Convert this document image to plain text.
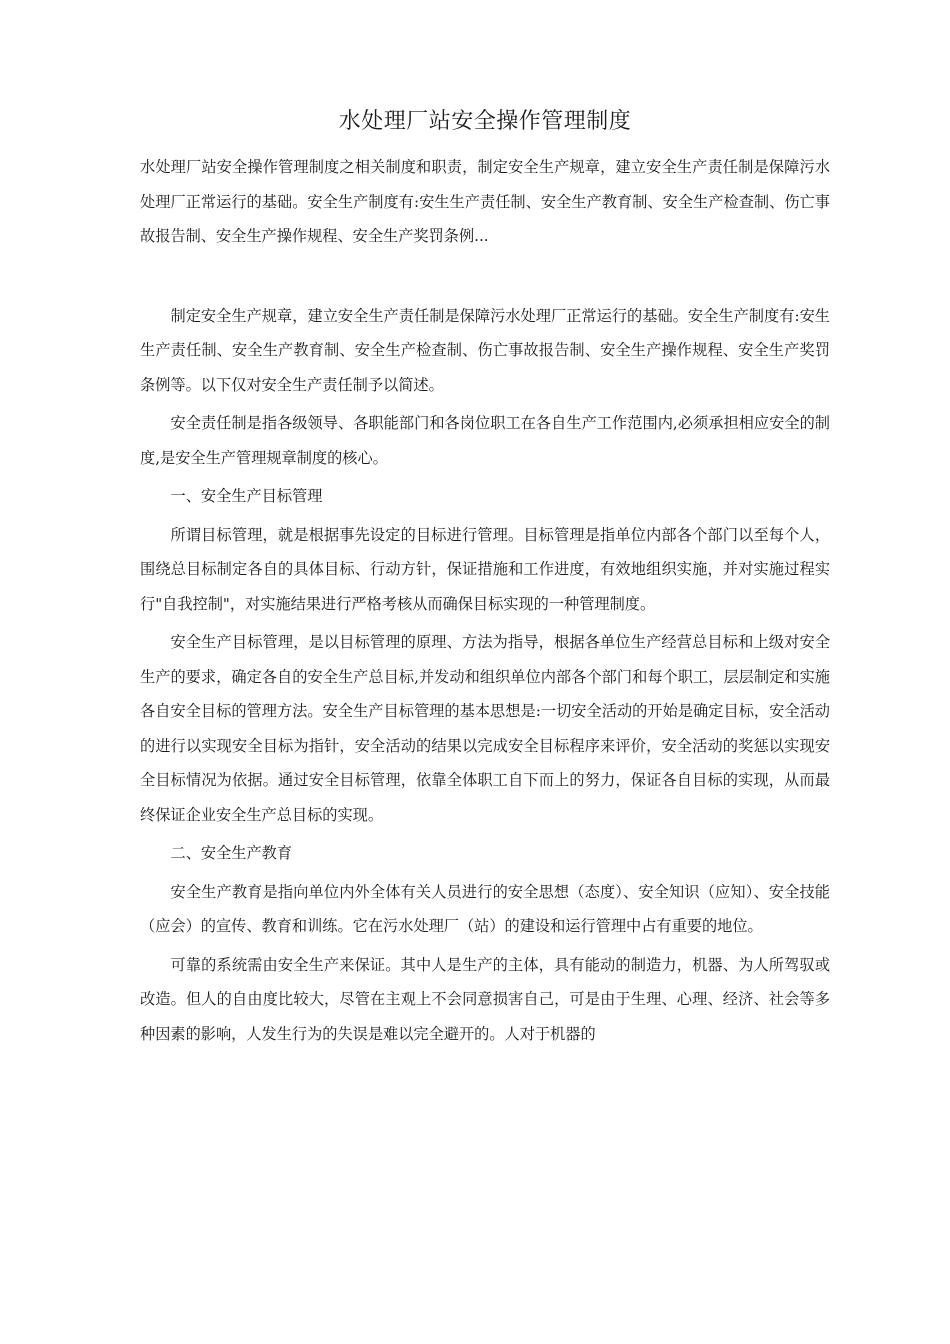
水处理厂站安全操作管理制度

水处理厂站安全操作管理制度之相关制度和职责，制定安全生产规章，建立安全生产责任制是保障污水处理厂正常运行的基础。安全生产制度有:安生生产责任制、安全生产教育制、安全生产检查制、伤亡事故报告制、安全生产操作规程、安全生产奖罚条例...

制定安全生产规章，建立安全生产责任制是保障污水处理厂正常运行的基础。安全生产制度有:安生生产责任制、安全生产教育制、安全生产检查制、伤亡事故报告制、安全生产操作规程、安全生产奖罚条例等。以下仅对安全生产责任制予以简述。

安全责任制是指各级领导、各职能部门和各岗位职工在各自生产工作范围内,必须承担相应安全的制度,是安全生产管理规章制度的核心。

一、安全生产目标管理

所谓目标管理，就是根据事先设定的目标进行管理。目标管理是指单位内部各个部门以至每个人，围绕总目标制定各自的具体目标、行动方针，保证措施和工作进度，有效地组织实施，并对实施过程实行"自我控制"，对实施结果进行严格考核从而确保目标实现的一种管理制度。

安全生产目标管理，是以目标管理的原理、方法为指导，根据各单位生产经营总目标和上级对安全生产的要求，确定各自的安全生产总目标,并发动和组织单位内部各个部门和每个职工，层层制定和实施各自安全目标的管理方法。安全生产目标管理的基本思想是:一切安全活动的开始是确定目标，安全活动的进行以实现安全目标为指针，安全活动的结果以完成安全目标程序来评价，安全活动的奖惩以实现安全目标情况为依据。通过安全目标管理，依靠全体职工自下而上的努力，保证各自目标的实现，从而最终保证企业安全生产总目标的实现。

二、安全生产教育

安全生产教育是指向单位内外全体有关人员进行的安全思想（态度）、安全知识（应知）、安全技能（应会）的宣传、教育和训练。它在污水处理厂（站）的建设和运行管理中占有重要的地位。

可靠的系统需由安全生产来保证。其中人是生产的主体，具有能动的制造力，机器、为人所驾驭或改造。但人的自由度比较大，尽管在主观上不会同意损害自己，可是由于生理、心理、经济、社会等多种因素的影响，人发生行为的失误是难以完全避开的。人对于机器的
